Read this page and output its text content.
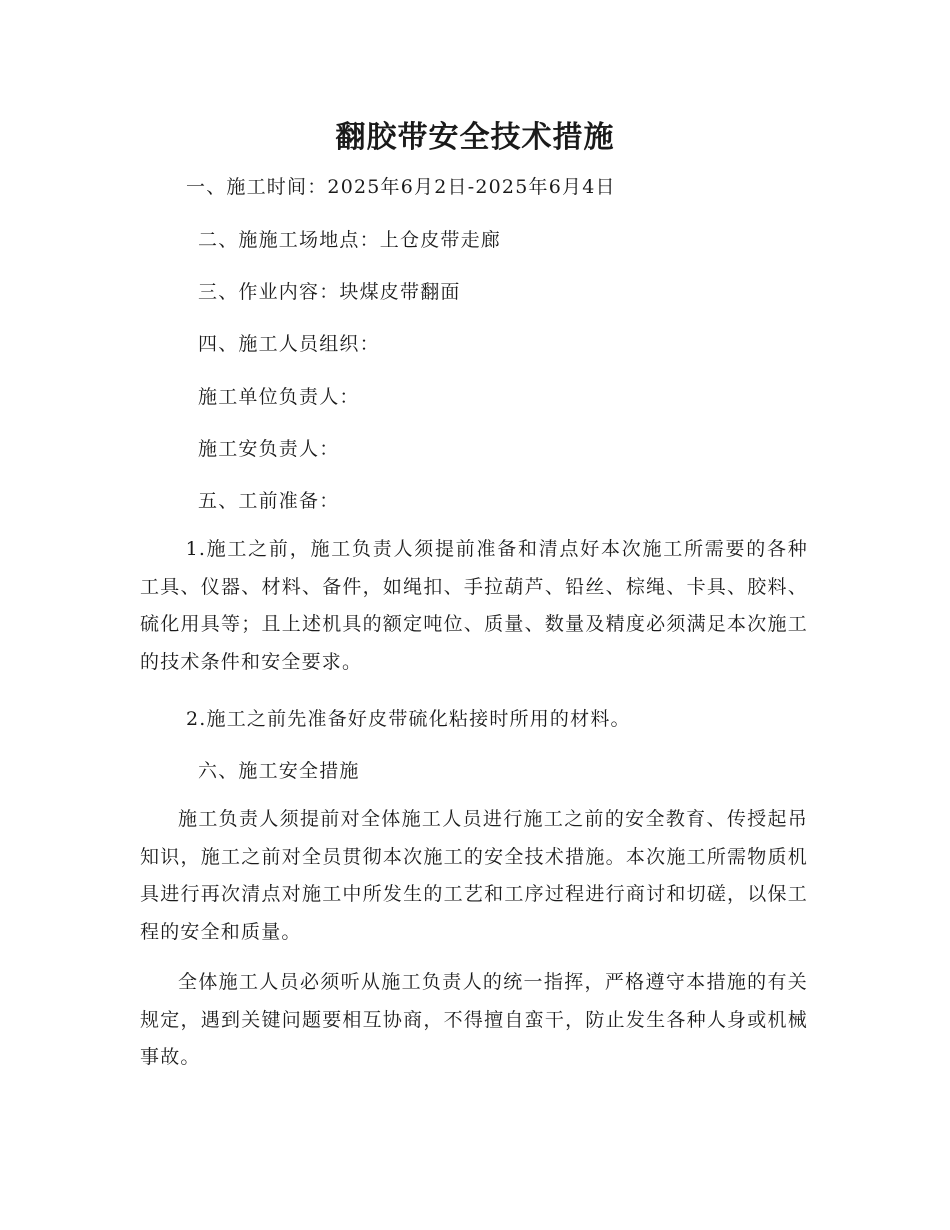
翻胶带安全技术措施

一、施工时间：2025年6月2日-2025年6月4日

二、施施工场地点：上仓皮带走廊

三、作业内容：块煤皮带翻面

四、施工人员组织：

施工单位负责人：

施工安负责人：

五、工前准备：

1.施工之前，施工负责人须提前准备和清点好本次施工所需要的各种工具、仪器、材料、备件，如绳扣、手拉葫芦、铅丝、棕绳、卡具、胶料、硫化用具等；且上述机具的额定吨位、质量、数量及精度必须满足本次施工的技术条件和安全要求。

2.施工之前先准备好皮带硫化粘接时所用的材料。

六、施工安全措施

施工负责人须提前对全体施工人员进行施工之前的安全教育、传授起吊知识，施工之前对全员贯彻本次施工的安全技术措施。本次施工所需物质机具进行再次清点对施工中所发生的工艺和工序过程进行商讨和切磋，以保工程的安全和质量。

全体施工人员必须听从施工负责人的统一指挥，严格遵守本措施的有关规定，遇到关键问题要相互协商，不得擅自蛮干，防止发生各种人身或机械事故。
